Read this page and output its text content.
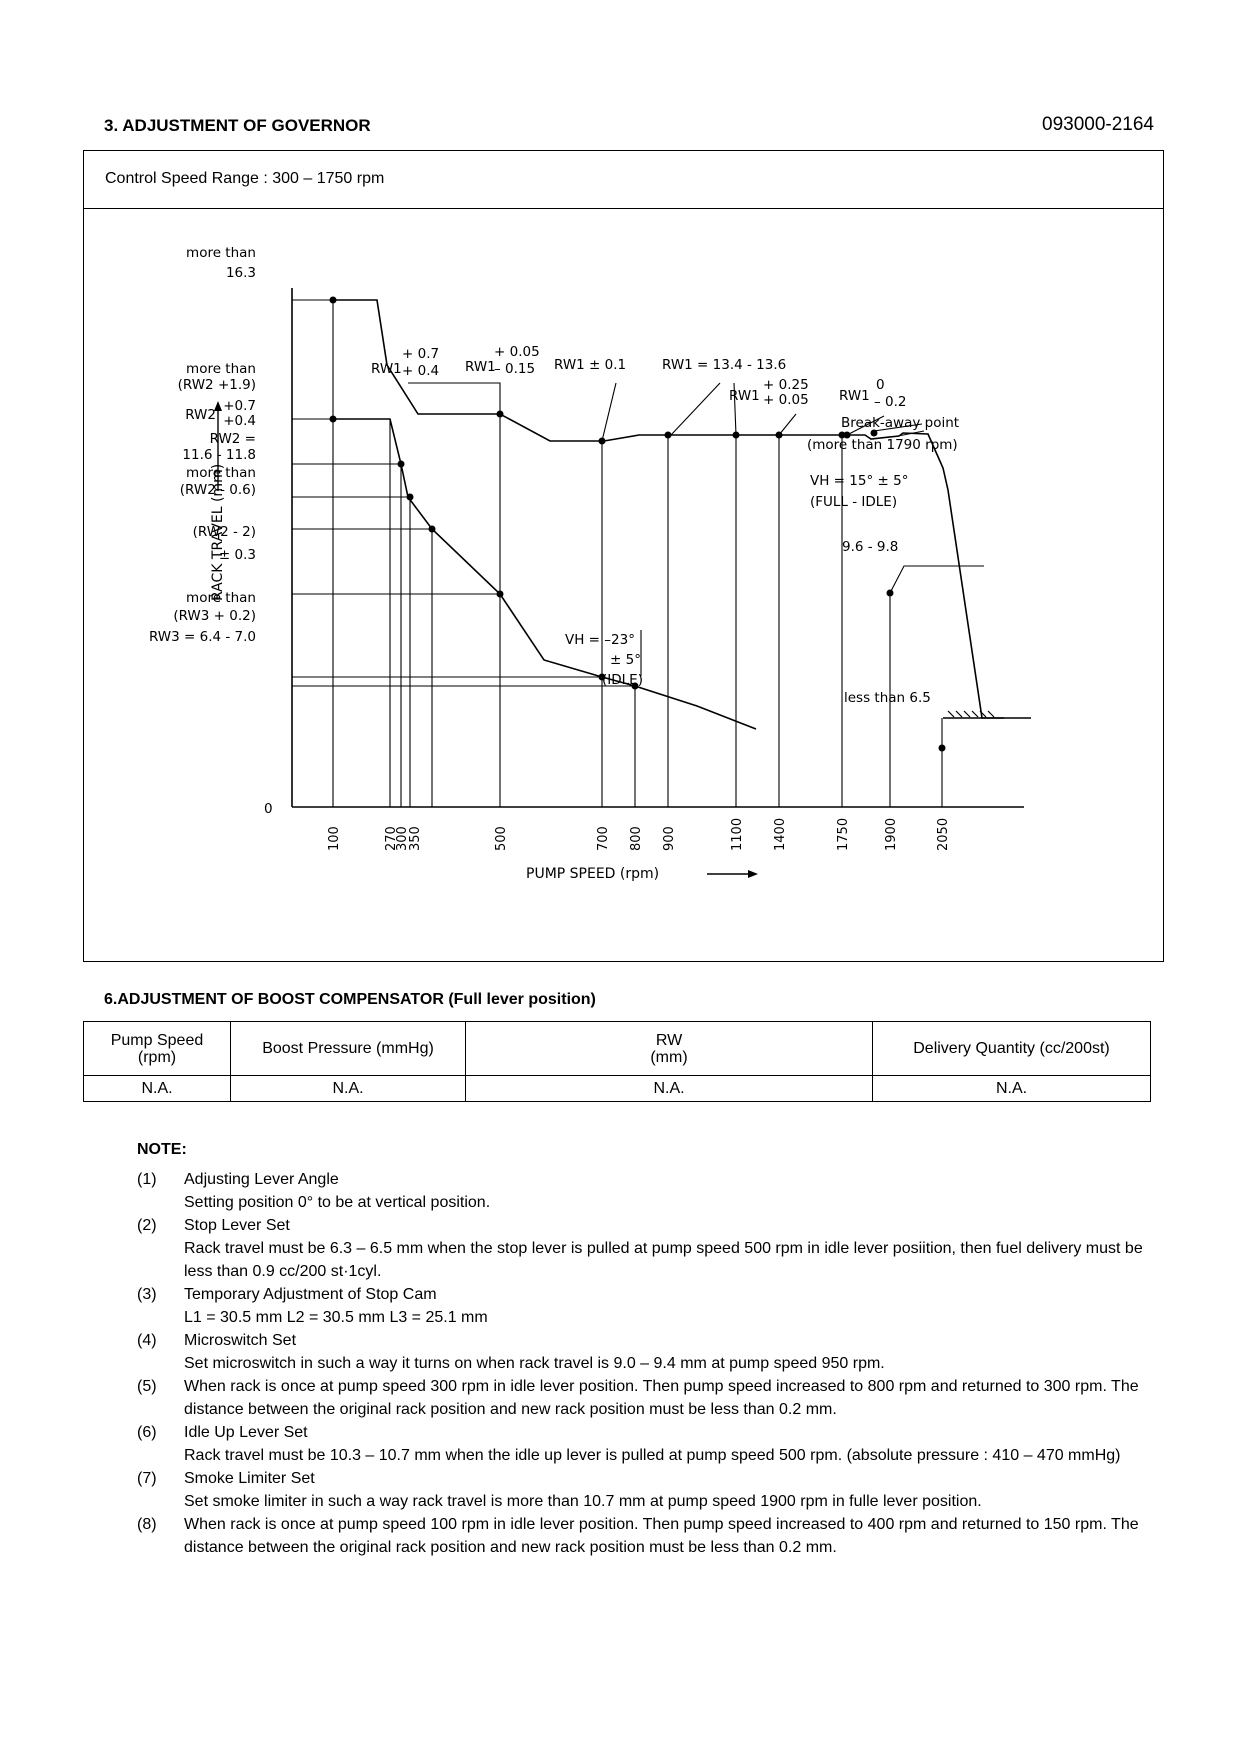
3. ADJUSTMENT OF GOVERNOR	093000-2164
Control Speed Range : 300 – 1750 rpm
RACK TRAVEL (mm)
more than
16.3
more than
(RW2 +1.9)
RW2
+0.7
+0.4
RW2 =
11.6 - 11.8
more than
(RW2 - 0.6)
(RW2 - 2)
± 0.3
more than
(RW3 + 0.2)
RW3 = 6.4 - 7.0
0
100	270
300
350	500	700 800 900	1100 1400	1750	1900	2050
PUMP SPEED (rpm)
RW1
+ 0.7
+ 0.4 RW1
+ 0.05
– 0.15 RW1 ± 0.1	RW1 = 13.4 - 13.6
RW1
+ 0.25
+ 0.05 RW1
0
– 0.2
Break-away point
(more than 1790 rpm)
VH = 15° ± 5°
(FULL - IDLE)
9.6 - 9.8
VH = –23°
± 5°
(IDLE)
less than 6.5
6.ADJUSTMENT OF BOOST COMPENSATOR (Full lever position)
Pump Speed
(rpm)	Boost Pressure (mmHg)	RW
(mm)	Delivery Quantity (cc/200st)
N.A.	N.A.	N.A.	N.A.
NOTE:
(1)	Adjusting Lever Angle
Setting position 0° to be at vertical position.
(2)	Stop Lever Set
Rack travel must be 6.3 – 6.5 mm when the stop lever is pulled at pump speed 500 rpm in idle lever posiition, then fuel delivery must be less than 0.9 cc/200 st·1cyl.
(3)	Temporary Adjustment of Stop Cam
L1 = 30.5 mm L2 = 30.5 mm L3 = 25.1 mm
(4)	Microswitch Set
Set microswitch in such a way it turns on when rack travel is 9.0 – 9.4 mm at pump speed 950 rpm.
(5)	When rack is once at pump speed 300 rpm in idle lever position. Then pump speed increased to 800 rpm and returned to 300 rpm. The distance between the original rack position and new rack position must be less than 0.2 mm.
(6)	Idle Up Lever Set
Rack travel must be 10.3 – 10.7 mm when the idle up lever is pulled at pump speed 500 rpm. (absolute pressure : 410 – 470 mmHg)
(7)	Smoke Limiter Set
Set smoke limiter in such a way rack travel is more than 10.7 mm at pump speed 1900 rpm in fulle lever position.
(8)	When rack is once at pump speed 100 rpm in idle lever position. Then pump speed increased to 400 rpm and returned to 150 rpm. The distance between the original rack position and new rack position must be less than 0.2 mm.
